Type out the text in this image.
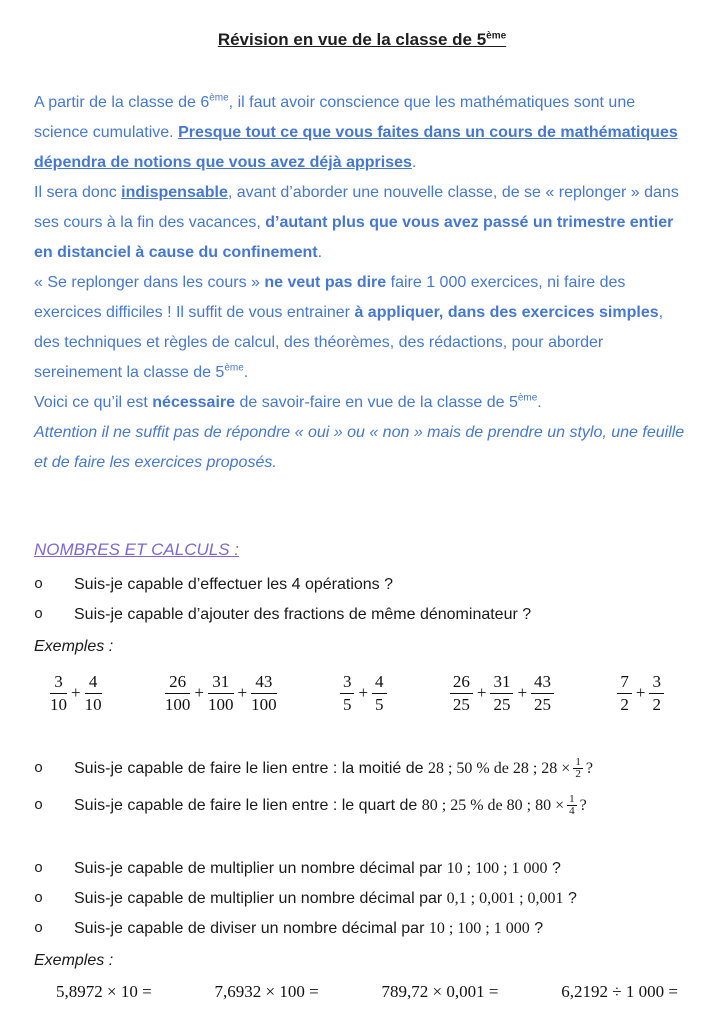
Révision en vue de la classe de 5ème

A partir de la classe de 6ème, il faut avoir conscience que les mathématiques sont une science cumulative. Presque tout ce que vous faites dans un cours de mathématiques dépendra de notions que vous avez déjà apprises.

Il sera donc indispensable, avant d’aborder une nouvelle classe, de se « replonger » dans ses cours à la fin des vacances, d’autant plus que vous avez passé un trimestre entier en distanciel à cause du confinement.

« Se replonger dans les cours » ne veut pas dire faire 1 000 exercices, ni faire des exercices difficiles ! Il suffit de vous entrainer à appliquer, dans des exercices simples, des techniques et règles de calcul, des théorèmes, des rédactions, pour aborder sereinement la classe de 5ème.

Voici ce qu’il est nécessaire de savoir-faire en vue de la classe de 5ème.

Attention il ne suffit pas de répondre « oui » ou « non » mais de prendre un stylo, une feuille et de faire les exercices proposés.

NOMBRES ET CALCULS :
o	Suis-je capable d’effectuer les 4 opérations ?
o	Suis-je capable d’ajouter des fractions de même dénominateur ?

Exemples :

$\frac{3}{10} + \frac{4}{10}$	$\frac{26}{100} + \frac{31}{100} + \frac{43}{100}$	$\frac{3}{5} + \frac{4}{5}$	$\frac{26}{25} + \frac{31}{25} + \frac{43}{25}$	$\frac{7}{2} + \frac{3}{2}$
o	Suis-je capable de faire le lien entre : la moitié de 28 ; 50 % de 28 ; $28 \times \frac{1}{2}$ ?
o	Suis-je capable de faire le lien entre : le quart de 80 ; 25 % de 80 ; $80 \times \frac{1}{4}$ ?
o	Suis-je capable de multiplier un nombre décimal par 10 ; 100 ; 1 000 ?
o	Suis-je capable de multiplier un nombre décimal par 0,1 ; 0,001 ; 0,001 ?
o	Suis-je capable de diviser un nombre décimal par 10 ; 100 ; 1 000 ?

Exemples :

5,8972 × 10 =	7,6932 × 100 =	789,72 × 0,001 =	6,2192 ÷ 1 000 =
